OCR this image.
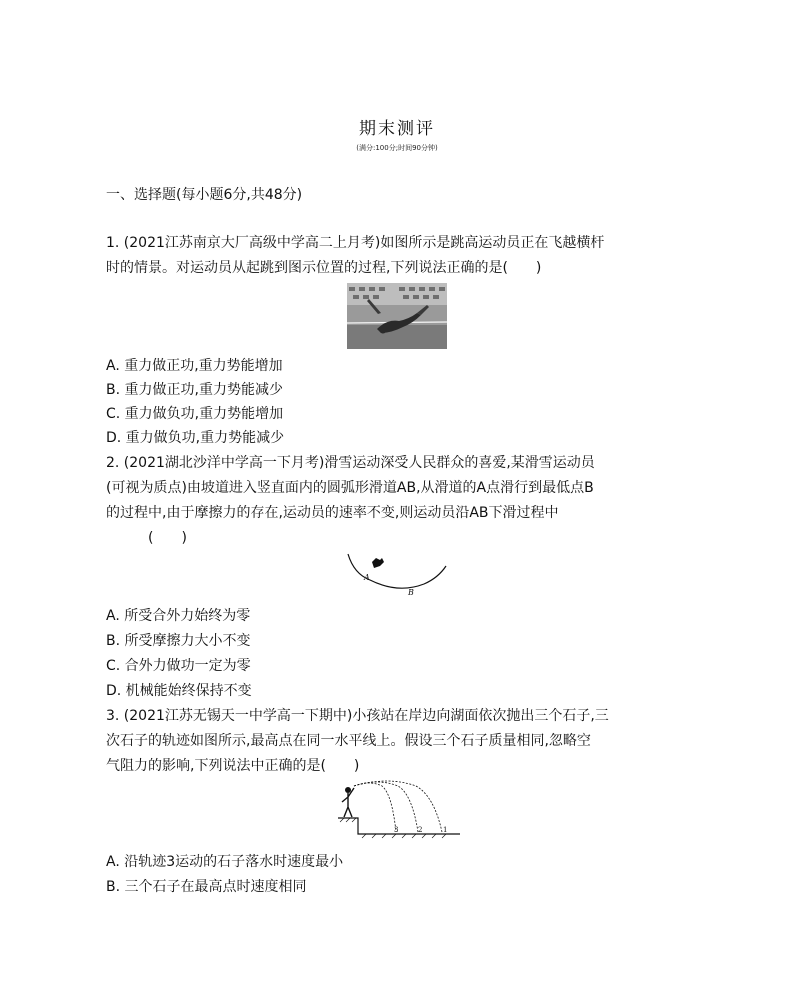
期末测评
(满分:100分;时间90分钟)
一、选择题(每小题6分,共48分)
1. (2021江苏南京大厂高级中学高二上月考)如图所示是跳高运动员正在飞越横杆
时的情景。对运动员从起跳到图示位置的过程,下列说法正确的是(　　)
A. 重力做正功,重力势能增加
B. 重力做正功,重力势能减少
C. 重力做负功,重力势能增加
D. 重力做负功,重力势能减少
2. (2021湖北沙洋中学高一下月考)滑雪运动深受人民群众的喜爱,某滑雪运动员
(可视为质点)由坡道进入竖直面内的圆弧形滑道AB,从滑道的A点滑行到最低点B
的过程中,由于摩擦力的存在,运动员的速率不变,则运动员沿AB下滑过程中
(　　)
A
B
A. 所受合外力始终为零
B. 所受摩擦力大小不变
C. 合外力做功一定为零
D. 机械能始终保持不变
3. (2021江苏无锡天一中学高一下期中)小孩站在岸边向湖面依次抛出三个石子,三
次石子的轨迹如图所示,最高点在同一水平线上。假设三个石子质量相同,忽略空
气阻力的影响,下列说法中正确的是(　　)
3	2	1
A. 沿轨迹3运动的石子落水时速度最小
B. 三个石子在最高点时速度相同
